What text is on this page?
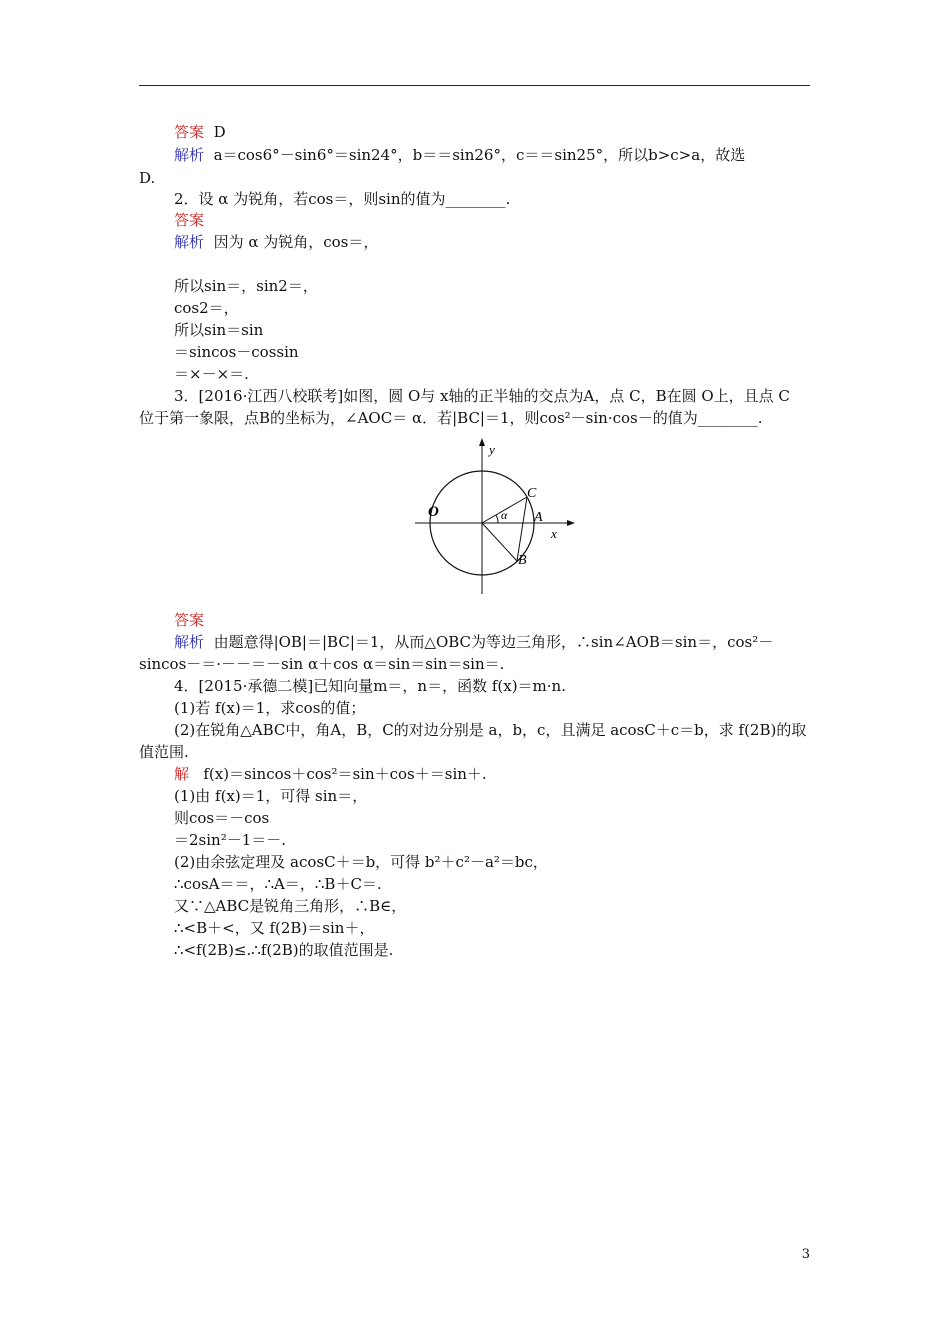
答案 D
解析 a＝cos6°－sin6°＝sin24°，b＝＝sin26°，c＝＝sin25°，所以b>c>a，故选
D.
2．设 α 为锐角，若cos＝，则sin的值为________.
答案
解析 因为 α 为锐角，cos＝，
所以sin＝，sin2＝，
cos2＝，
所以sin＝sin
＝sincos－cossin
＝×－×＝.
3．[2016·江西八校联考]如图，圆 O与 x轴的正半轴的交点为A，点 C，B在圆 O上，且点 C
位于第一象限，点B的坐标为，∠AOC＝ α．若|BC|＝1，则cos²－sin·cos－的值为________.
O
y
x
C
A
B
α
答案
解析 由题意得|OB|＝|BC|＝1，从而△OBC为等边三角形，∴sin∠AOB＝sin＝，cos²－
sincos－＝·－－＝－sin α＋cos α＝sin＝sin＝sin＝.
4．[2015·承德二模]已知向量m＝，n＝，函数 f(x)＝m·n.
(1)若 f(x)＝1，求cos的值；
(2)在锐角△ABC中，角A，B，C的对边分别是 a，b，c，且满足 acosC＋c＝b，求 f(2B)的取
值范围.
解 f(x)＝sincos＋cos²＝sin＋cos＋＝sin＋.
(1)由 f(x)＝1，可得 sin＝，
则cos＝－cos
＝2sin²－1＝－.
(2)由余弦定理及 acosC＋＝b，可得 b²＋c²－a²＝bc，
∴cosA＝＝，∴A＝，∴B＋C＝.
又∵△ABC是锐角三角形，∴B∈，
∴<B＋<，又 f(2B)＝sin＋，
∴<f(2B)≤.∴f(2B)的取值范围是.
3
